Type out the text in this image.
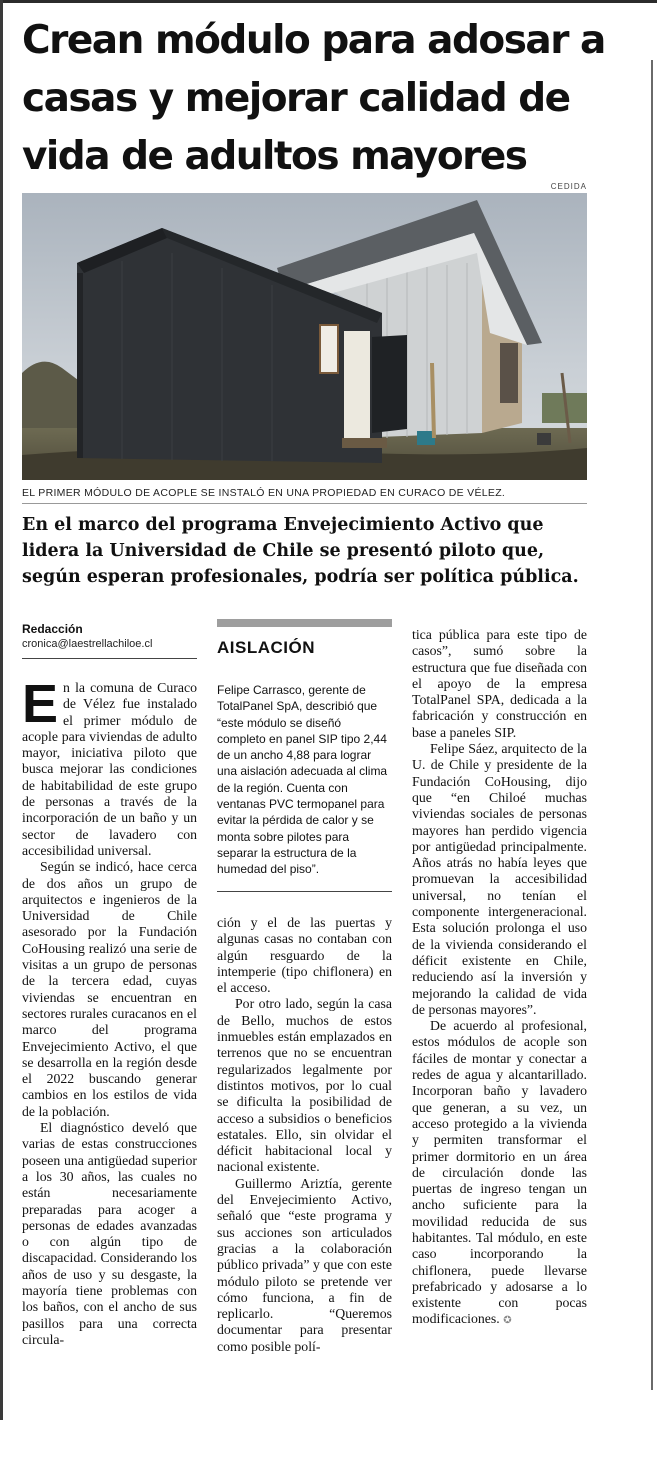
Crean módulo para adosar a casas y mejorar calidad de vida de adultos mayores
CEDIDA
EL PRIMER MÓDULO DE ACOPLE SE INSTALÓ EN UNA PROPIEDAD EN CURACO DE VÉLEZ.
En el marco del programa Envejecimiento Activo que lidera la Universidad de Chile se presentó piloto que, según esperan profesionales, podría ser política pública.
Redacción
cronica@laestrellachiloe.cl

En la comuna de Curaco de Vélez fue instalado el primer módulo de acople para viviendas de adulto mayor, iniciativa piloto que busca mejorar las condiciones de habitabilidad de este grupo de personas a través de la incorporación de un baño y un sector de lavadero con accesibilidad universal.

Según se indicó, hace cerca de dos años un grupo de arquitectos e ingenieros de la Universidad de Chile asesorado por la Fundación CoHousing realizó una serie de visitas a un grupo de personas de la tercera edad, cuyas viviendas se encuentran en sectores rurales curacanos en el marco del programa Envejecimiento Activo, el que se desarrolla en la región desde el 2022 buscando generar cambios en los estilos de vida de la población.

El diagnóstico develó que varias de estas construcciones poseen una antigüedad superior a los 30 años, las cuales no están necesariamente preparadas para acoger a personas de edades avanzadas o con algún tipo de discapacidad. Considerando los años de uso y su desgaste, la mayoría tiene problemas con los baños, con el ancho de sus pasillos para una correcta circula-

AISLACIÓN

Felipe Carrasco, gerente de TotalPanel SpA, describió que “este módulo se diseñó completo en panel SIP tipo 2,44 de un ancho 4,88 para lograr una aislación adecuada al clima de la región. Cuenta con ventanas PVC termopanel para evitar la pérdida de calor y se monta sobre pilotes para separar la estructura de la humedad del piso”.

ción y el de las puertas y algunas casas no contaban con algún resguardo de la intemperie (tipo chiflonera) en el acceso.

Por otro lado, según la casa de Bello, muchos de estos inmuebles están emplazados en terrenos que no se encuentran regularizados legalmente por distintos motivos, por lo cual se dificulta la posibilidad de acceso a subsidios o beneficios estatales. Ello, sin olvidar el déficit habitacional local y nacional existente.

Guillermo Ariztía, gerente del Envejecimiento Activo, señaló que “este programa y sus acciones son articulados gracias a la colaboración público privada” y que con este módulo piloto se pretende ver cómo funciona, a fin de replicarlo. “Queremos documentar para presentar como posible polí-

tica pública para este tipo de casos”, sumó sobre la estructura que fue diseñada con el apoyo de la empresa TotalPanel SPA, dedicada a la fabricación y construcción en base a paneles SIP.

Felipe Sáez, arquitecto de la U. de Chile y presidente de la Fundación CoHousing, dijo que “en Chiloé muchas viviendas sociales de personas mayores han perdido vigencia por antigüedad principalmente. Años atrás no había leyes que promuevan la accesibilidad universal, no tenían el componente intergeneracional. Esta solución prolonga el uso de la vivienda considerando el déficit existente en Chile, reduciendo así la inversión y mejorando la calidad de vida de personas mayores”.

De acuerdo al profesional, estos módulos de acople son fáciles de montar y conectar a redes de agua y alcantarillado. Incorporan baño y lavadero que generan, a su vez, un acceso protegido a la vivienda y permiten transformar el primer dormitorio en un área de circulación donde las puertas de ingreso tengan un ancho suficiente para la movilidad reducida de sus habitantes. Tal módulo, en este caso incorporando la chiflonera, puede llevarse prefabricado y adosarse a lo existente con pocas modificaciones. ✪
